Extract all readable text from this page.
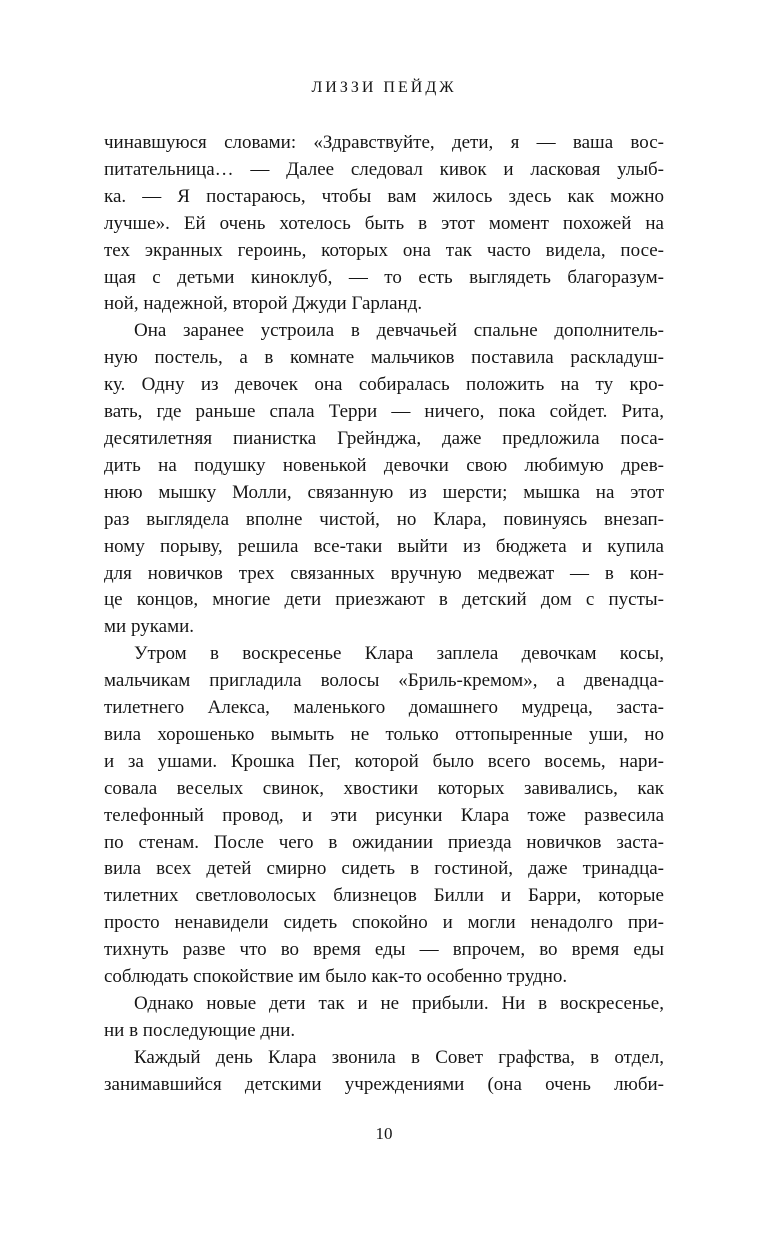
ЛИЗЗИ ПЕЙДЖ
чинавшуюся словами: «Здравствуйте, дети, я — ваша вос-
питательница… — Далее следовал кивок и ласковая улыб-
ка. — Я постараюсь, чтобы вам жилось здесь как можно
лучше». Ей очень хотелось быть в этот момент похожей на
тех экранных героинь, которых она так часто видела, посе-
щая с детьми киноклуб, — то есть выглядеть благоразум-
ной, надежной, второй Джуди Гарланд.
Она заранее устроила в девчачьей спальне дополнитель-
ную постель, а в комнате мальчиков поставила раскладуш-
ку. Одну из девочек она собиралась положить на ту кро-
вать, где раньше спала Терри — ничего, пока сойдет. Рита,
десятилетняя пианистка Грейнджа, даже предложила поса-
дить на подушку новенькой девочки свою любимую древ-
нюю мышку Молли, связанную из шерсти; мышка на этот
раз выглядела вполне чистой, но Клара, повинуясь внезап-
ному порыву, решила все-таки выйти из бюджета и купила
для новичков трех связанных вручную медвежат — в кон-
це концов, многие дети приезжают в детский дом с пусты-
ми руками.
Утром в воскресенье Клара заплела девочкам косы,
мальчикам пригладила волосы «Бриль-кремом», а двенадца-
тилетнего Алекса, маленького домашнего мудреца, заста-
вила хорошенько вымыть не только оттопыренные уши, но
и за ушами. Крошка Пег, которой было всего восемь, нари-
совала веселых свинок, хвостики которых завивались, как
телефонный провод, и эти рисунки Клара тоже развесила
по стенам. После чего в ожидании приезда новичков заста-
вила всех детей смирно сидеть в гостиной, даже тринадца-
тилетних светловолосых близнецов Билли и Барри, которые
просто ненавидели сидеть спокойно и могли ненадолго при-
тихнуть разве что во время еды — впрочем, во время еды
соблюдать спокойствие им было как-то особенно трудно.
Однако новые дети так и не прибыли. Ни в воскресенье,
ни в последующие дни.
Каждый день Клара звонила в Совет графства, в отдел,
занимавшийся детскими учреждениями (она очень люби-
10
